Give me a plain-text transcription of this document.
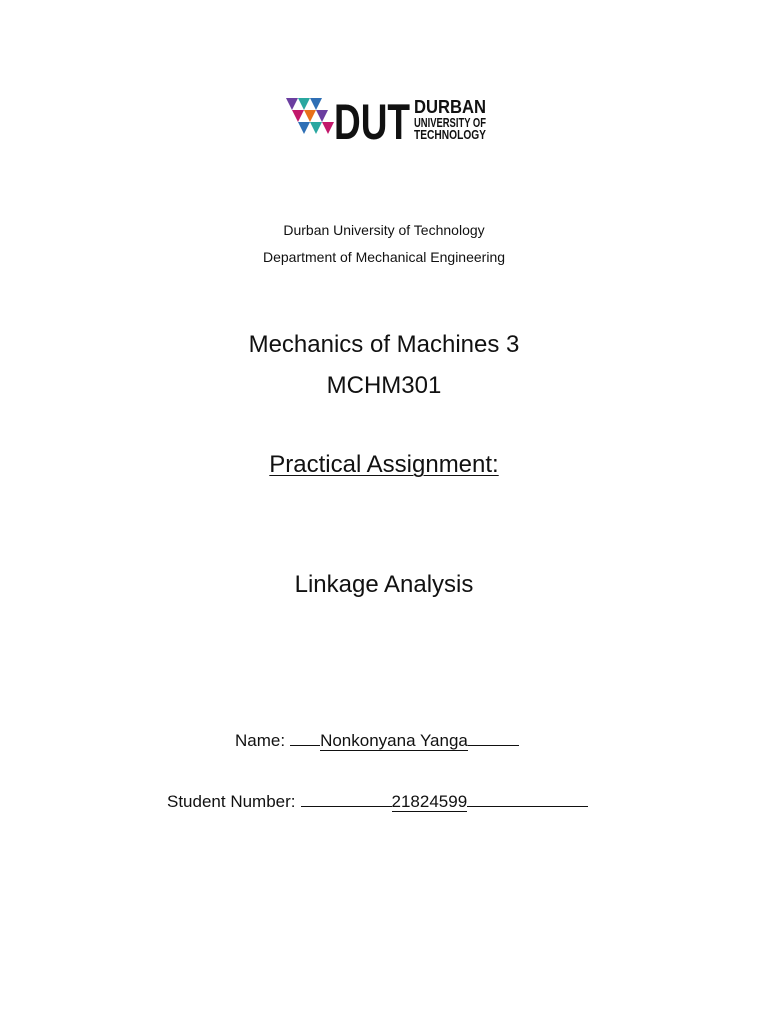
DUT DURBAN
UNIVERSITY OF
TECHNOLOGY
Durban University of Technology
Department of Mechanical Engineering
Mechanics of Machines 3
MCHM301
Practical Assignment:
Linkage Analysis
Name: Nonkonyana Yanga
Student Number:	21824599
